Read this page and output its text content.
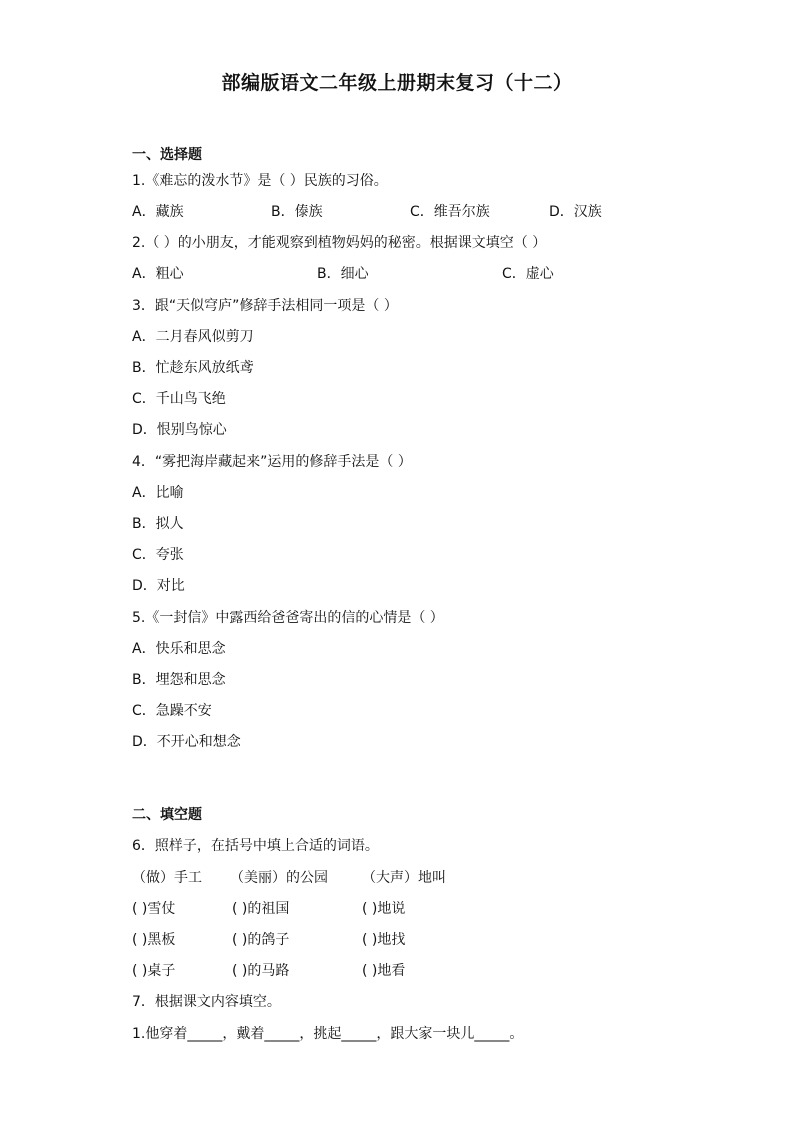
部编版语文二年级上册期末复习（十二）
一、选择题
1.《难忘的泼水节》是（ ）民族的习俗。
A．藏族	B．傣族	C．维吾尔族	D．汉族
2.（ ）的小朋友，才能观察到植物妈妈的秘密。根据课文填空（ ）
A．粗心	B．细心	C．虚心
3．跟“天似穹庐”修辞手法相同一项是（ ）
A．二月春风似剪刀
B．忙趁东风放纸鸢
C．千山鸟飞绝
D．恨别鸟惊心
4．“雾把海岸藏起来”运用的修辞手法是（ ）
A．比喻
B．拟人
C．夸张
D．对比
5.《一封信》中露西给爸爸寄出的信的心情是（ ）
A．快乐和思念
B．埋怨和思念
C．急躁不安
D．不开心和想念
二、填空题
6．照样子，在括号中填上合适的词语。
（做）手工 （美丽）的公园 （大声）地叫
( )雪仗	( )的祖国	( )地说
( )黑板	( )的鸽子	( )地找
( )桌子	( )的马路	( )地看
7．根据课文内容填空。
1.他穿着_____，戴着_____，挑起_____，跟大家一块儿_____。
